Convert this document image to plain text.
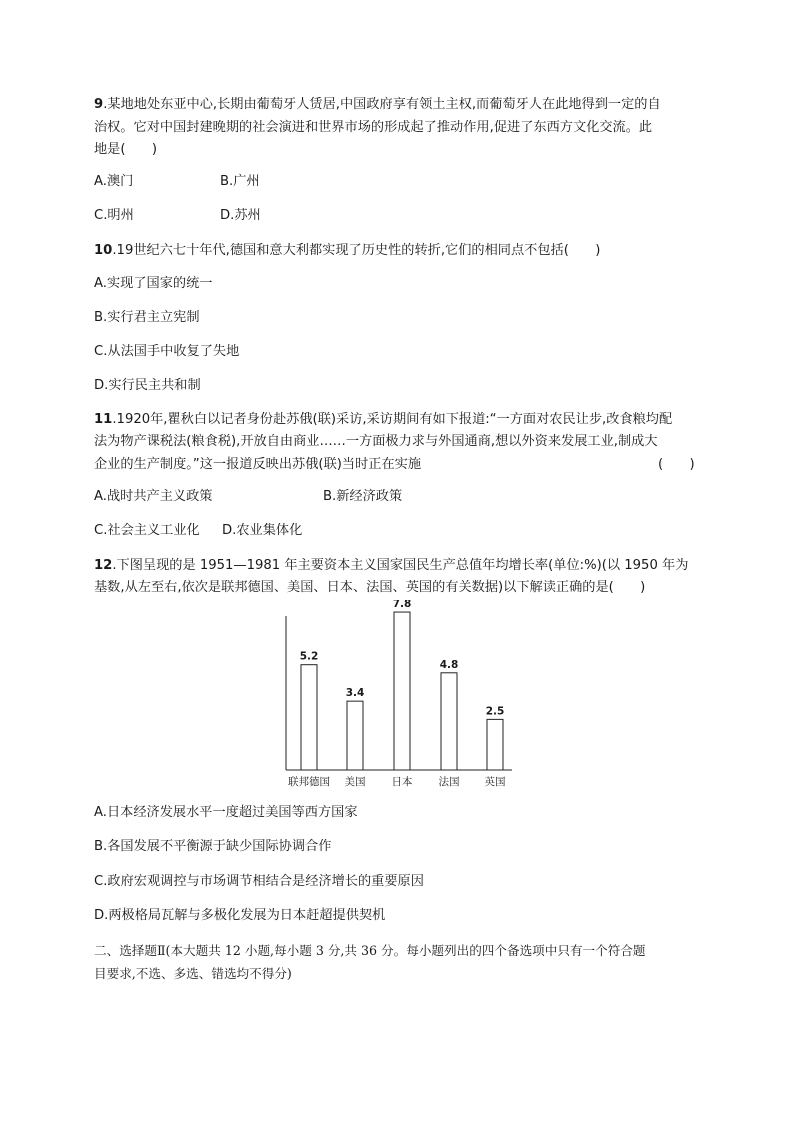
9.某地地处东亚中心,长期由葡萄牙人赁居,中国政府享有领土主权,而葡萄牙人在此地得到一定的自
治权。它对中国封建晚期的社会演进和世界市场的形成起了推动作用,促进了东西方文化交流。此
地是(　　)
A.澳门	B.广州
C.明州	D.苏州
10.19世纪六七十年代,德国和意大利都实现了历史性的转折,它们的相同点不包括(　　)
A.实现了国家的统一
B.实行君主立宪制
C.从法国手中收复了失地
D.实行民主共和制
11.1920年,瞿秋白以记者身份赴苏俄(联)采访,采访期间有如下报道:“一方面对农民让步,改食粮均配
法为物产课税法(粮食税),开放自由商业……一方面极力求与外国通商,想以外资来发展工业,制成大
企业的生产制度。”这一报道反映出苏俄(联)当时正在实施	(　　)
A.战时共产主义政策	B.新经济政策
C.社会主义工业化 D.农业集体化
12.下图呈现的是 1951—1981 年主要资本主义国家国民生产总值年均增长率(单位:%)(以 1950 年为
基数,从左至右,依次是联邦德国、美国、日本、法国、英国的有关数据)以下解读正确的是(　　)
5.2
联邦德国
3.4
美国
7.8
日本
4.8
法国
2.5
英国
A.日本经济发展水平一度超过美国等西方国家
B.各国发展不平衡源于缺少国际协调合作
C.政府宏观调控与市场调节相结合是经济增长的重要原因
D.两极格局瓦解与多极化发展为日本赶超提供契机
二、选择题Ⅱ(本大题共 12 小题,每小题 3 分,共 36 分。每小题列出的四个备选项中只有一个符合题
目要求,不选、多选、错选均不得分)
